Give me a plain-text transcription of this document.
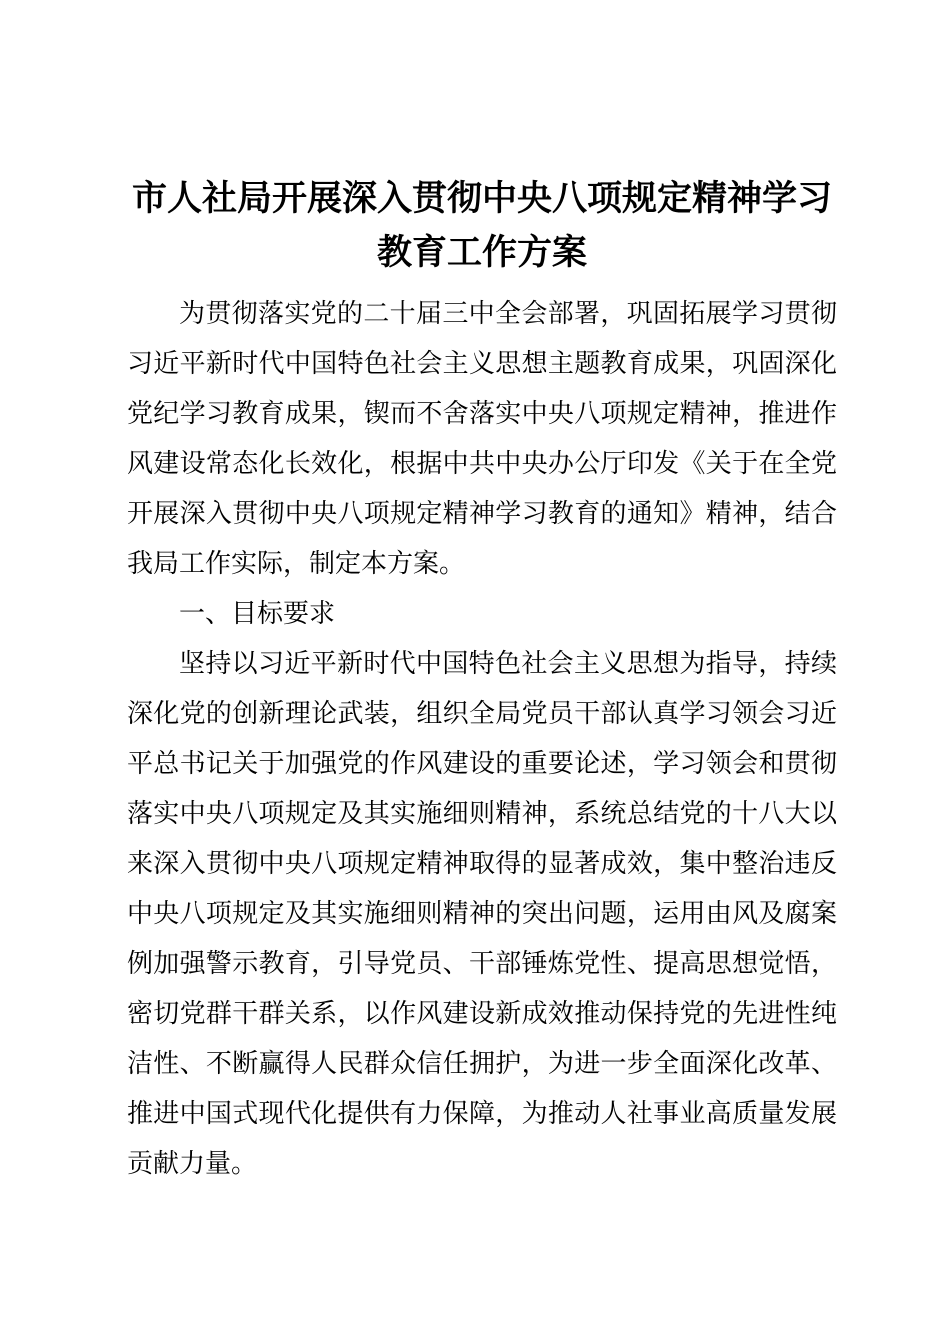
市人社局开展深入贯彻中央八项规定精神学习教育工作方案

为贯彻落实党的二十届三中全会部署，巩固拓展学习贯彻习近平新时代中国特色社会主义思想主题教育成果，巩固深化党纪学习教育成果，锲而不舍落实中央八项规定精神，推进作风建设常态化长效化，根据中共中央办公厅印发《关于在全党开展深入贯彻中央八项规定精神学习教育的通知》精神，结合我局工作实际，制定本方案。

一、目标要求

坚持以习近平新时代中国特色社会主义思想为指导，持续深化党的创新理论武装，组织全局党员干部认真学习领会习近平总书记关于加强党的作风建设的重要论述，学习领会和贯彻落实中央八项规定及其实施细则精神，系统总结党的十八大以来深入贯彻中央八项规定精神取得的显著成效，集中整治违反中央八项规定及其实施细则精神的突出问题，运用由风及腐案例加强警示教育，引导党员、干部锤炼党性、提高思想觉悟，密切党群干群关系，以作风建设新成效推动保持党的先进性纯洁性、不断赢得人民群众信任拥护，为进一步全面深化改革、推进中国式现代化提供有力保障，为推动人社事业高质量发展贡献力量。
